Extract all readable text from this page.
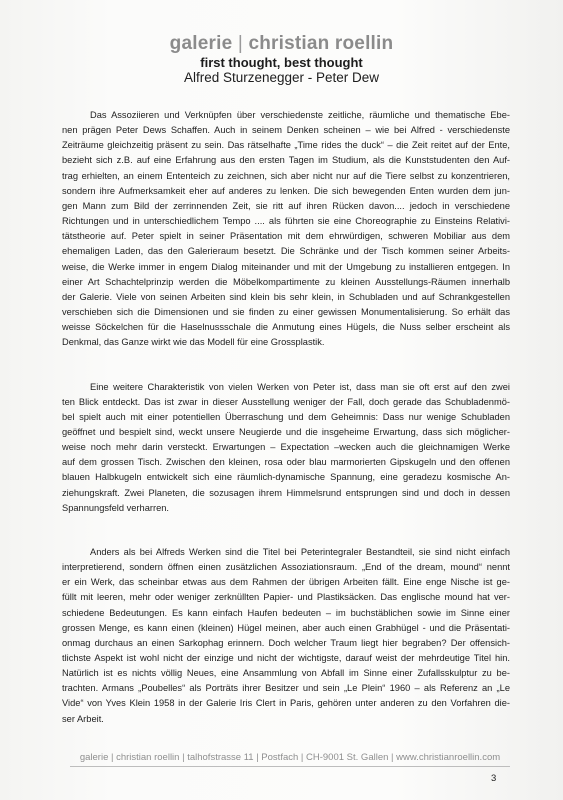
galerie | christian roellin
first thought, best thought
Alfred Sturzenegger - Peter Dew

Das Assoziieren und Verknüpfen über verschiedenste zeitliche, räumliche und thematische Ebe-
nen prägen Peter Dews Schaffen. Auch in seinem Denken scheinen – wie bei Alfred - verschiedenste
Zeiträume gleichzeitig präsent zu sein. Das rätselhafte „Time rides the duck“ – die Zeit reitet auf der Ente,
bezieht sich z.B. auf eine Erfahrung aus den ersten Tagen im Studium, als die Kunststudenten den Auf-
trag erhielten, an einem Ententeich zu zeichnen, sich aber nicht nur auf die Tiere selbst zu konzentrieren,
sondern ihre Aufmerksamkeit eher auf anderes zu lenken. Die sich bewegenden Enten wurden dem jun-
gen Mann zum Bild der zerrinnenden Zeit, sie ritt auf ihren Rücken davon.... jedoch in verschiedene
Richtungen und in unterschiedlichem Tempo .... als führten sie eine Choreographie zu Einsteins Relativi-
tätstheorie auf. Peter spielt in seiner Präsentation mit dem ehrwürdigen, schweren Mobiliar aus dem
ehemaligen Laden, das den Galerieraum besetzt. Die Schränke und der Tisch kommen seiner Arbeits-
weise, die Werke immer in engem Dialog miteinander und mit der Umgebung zu installieren entgegen. In
einer Art Schachtelprinzip werden die Möbelkompartimente zu kleinen Ausstellungs-Räumen innerhalb
der Galerie. Viele von seinen Arbeiten sind klein bis sehr klein, in Schubladen und auf Schrankgestellen
verschieben sich die Dimensionen und sie finden zu einer gewissen Monumentalisierung. So erhält das
weisse Söckelchen für die Haselnussschale die Anmutung eines Hügels, die Nuss selber erscheint als
Denkmal, das Ganze wirkt wie das Modell für eine Grossplastik.

Eine weitere Charakteristik von vielen Werken von Peter ist, dass man sie oft erst auf den zwei
ten Blick entdeckt. Das ist zwar in dieser Ausstellung weniger der Fall, doch gerade das Schubladenmö-
bel spielt auch mit einer potentiellen Überraschung und dem Geheimnis: Dass nur wenige Schubladen
geöffnet und bespielt sind, weckt unsere Neugierde und die insgeheime Erwartung, dass sich möglicher-
weise noch mehr darin versteckt. Erwartungen – Expectation –wecken auch die gleichnamigen Werke
auf dem grossen Tisch. Zwischen den kleinen, rosa oder blau marmorierten Gipskugeln und den offenen
blauen Halbkugeln entwickelt sich eine räumlich-dynamische Spannung, eine geradezu kosmische An-
ziehungskraft. Zwei Planeten, die sozusagen ihrem Himmelsrund entsprungen sind und doch in dessen
Spannungsfeld verharren.

Anders als bei Alfreds Werken sind die Titel bei Peterintegraler Bestandteil, sie sind nicht einfach
interpretierend, sondern öffnen einen zusätzlichen Assoziationsraum. „End of the dream, mound“ nennt
er ein Werk, das scheinbar etwas aus dem Rahmen der übrigen Arbeiten fällt. Eine enge Nische ist ge-
füllt mit leeren, mehr oder weniger zerknüllten Papier- und Plastiksäcken. Das englische mound hat ver-
schiedene Bedeutungen. Es kann einfach Haufen bedeuten – im buchstäblichen sowie im Sinne einer
grossen Menge, es kann einen (kleinen) Hügel meinen, aber auch einen Grabhügel - und die Präsentati-
onmag durchaus an einen Sarkophag erinnern. Doch welcher Traum liegt hier begraben? Der offensich-
tlichste Aspekt ist wohl nicht der einzige und nicht der wichtigste, darauf weist der mehrdeutige Titel hin.
Natürlich ist es nichts völlig Neues, eine Ansammlung von Abfall im Sinne einer Zufallsskulptur zu be-
trachten. Armans „Poubelles“ als Porträts ihrer Besitzer und sein „Le Plein“ 1960 – als Referenz an „Le
Vide“ von Yves Klein 1958 in der Galerie Iris Clert in Paris, gehören unter anderen zu den Vorfahren die-
ser Arbeit.

galerie | christian roellin | talhofstrasse 11 | Postfach | CH-9001 St. Gallen | www.christianroellin.com
3
